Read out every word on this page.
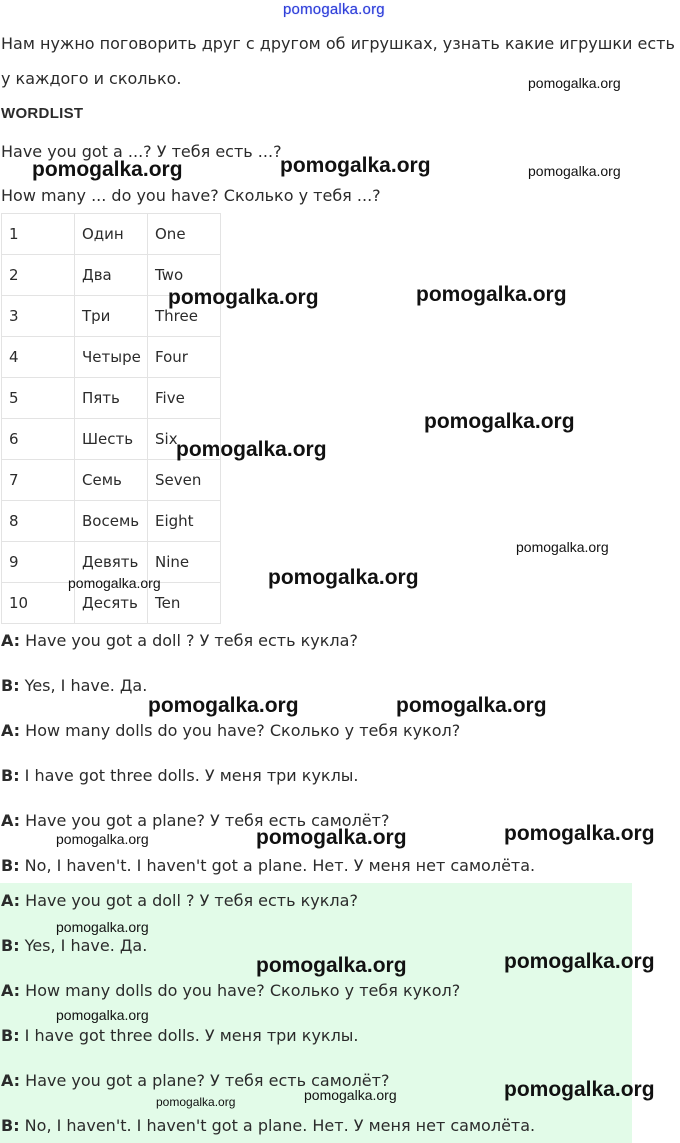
pomogalka.org
Нам нужно поговорить друг с другом об игрушках, узнать какие игрушки есть
у каждого и сколько.
WORDLIST
Have you got a ...? У тебя есть ...?
How many ... do you have? Сколько у тебя ...?
1	Один	One
2	Два	Two
3	Три	Three
4	Четыре	Four
5	Пять	Five
6	Шесть	Six
7	Семь	Seven
8	Восемь	Eight
9	Девять	Nine
10	Десять	Ten
A: Have you got a doll ? У тебя есть кукла?
B: Yes, I have. Да.
A: How many dolls do you have? Сколько у тебя кукол?
B: I have got three dolls. У меня три куклы.
A: Have you got a plane? У тебя есть самолёт?
B: No, I haven't. I haven't got a plane. Нет. У меня нет самолёта.
A: Have you got a doll ? У тебя есть кукла?
B: Yes, I have. Да.
A: How many dolls do you have? Сколько у тебя кукол?
B: I have got three dolls. У меня три куклы.
A: Have you got a plane? У тебя есть самолёт?
B: No, I haven't. I haven't got a plane. Нет. У меня нет самолёта.
pomogalka.org
pomogalka.org	pomogalka.org	pomogalka.org
pomogalka.org	pomogalka.org
pomogalka.org
pomogalka.org
pomogalka.org
pomogalka.org	pomogalka.org
pomogalka.org	pomogalka.org
pomogalka.org	pomogalka.org	pomogalka.org
pomogalka.org
pomogalka.org	pomogalka.org
pomogalka.org
pomogalka.org
pomogalka.org
pomogalka.org
